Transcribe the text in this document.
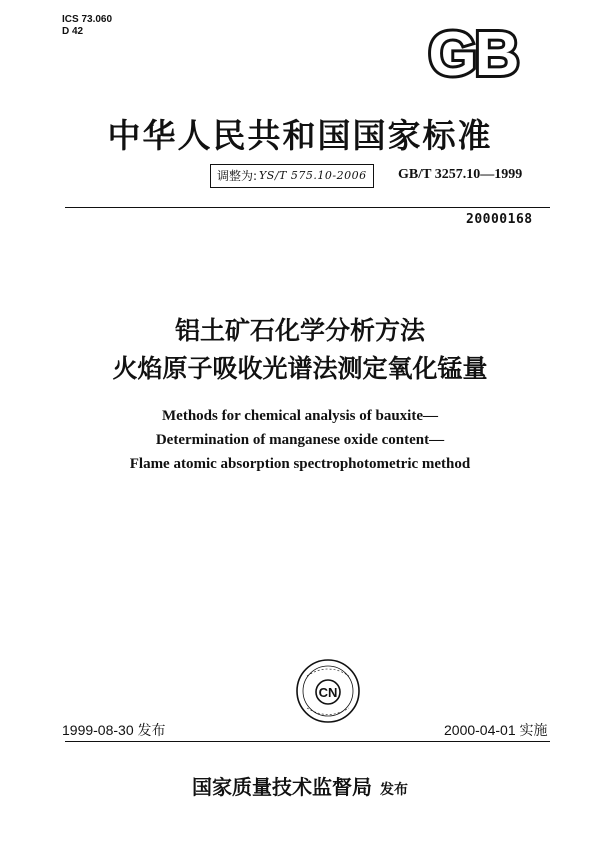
ICS 73.060
D 42	GB
中华人民共和国国家标准
调整为: YS/T 575.10-2006 GB/T 3257.10—1999
20000168
铝土矿石化学分析方法
火焰原子吸收光谱法测定氧化锰量
Methods for chemical analysis of bauxite—
Determination of manganese oxide content—
Flame atomic absorption spectrophotometric method
CN
1999-08-30 发布	2000-04-01 实施
国家质量技术监督局 发布
